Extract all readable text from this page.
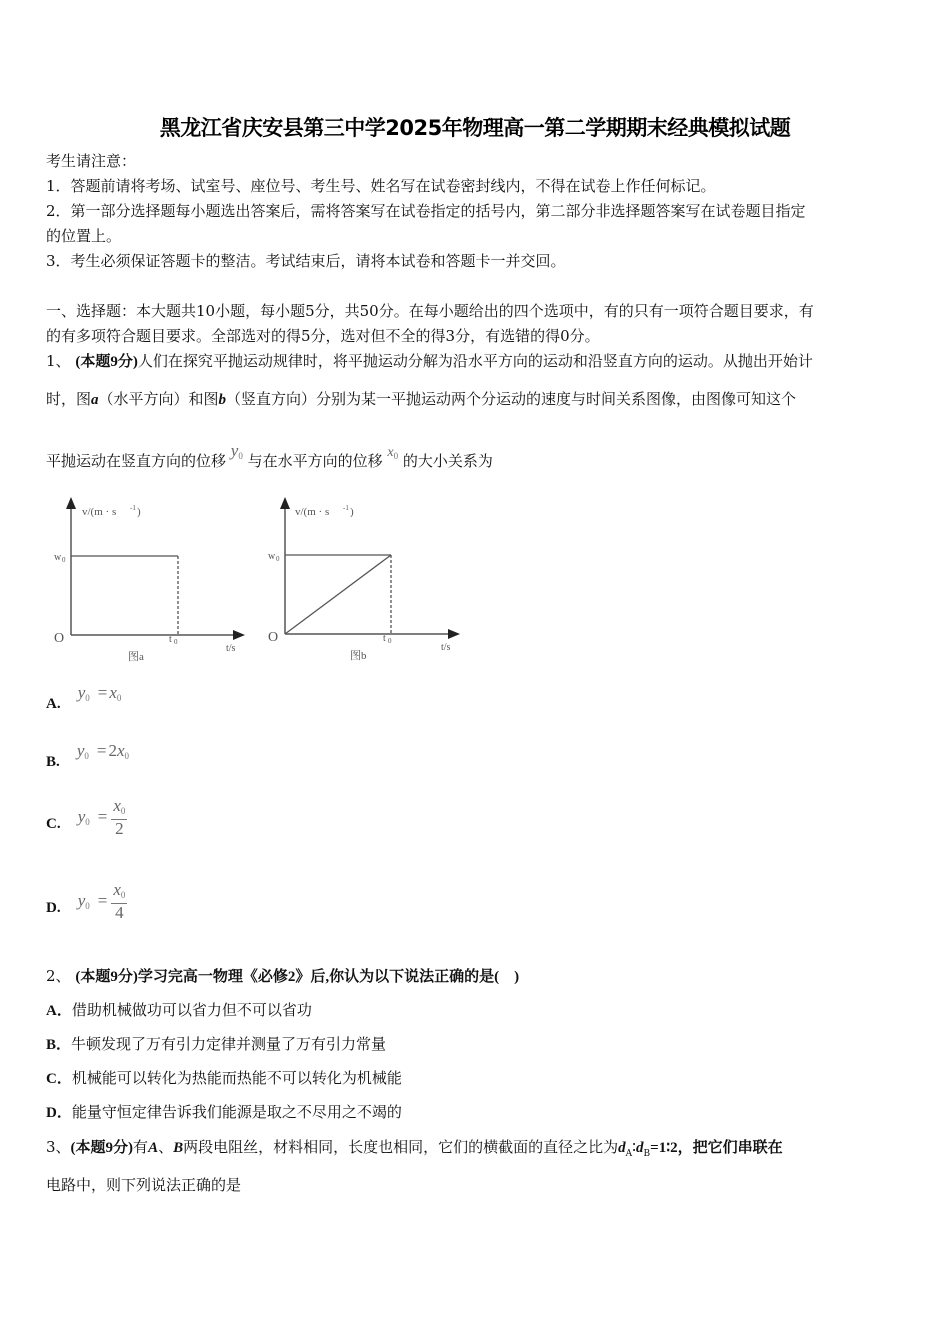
黑龙江省庆安县第三中学2025年物理高一第二学期期末经典模拟试题
考生请注意：
1．答题前请将考场、试室号、座位号、考生号、姓名写在试卷密封线内，不得在试卷上作任何标记。
2．第一部分选择题每小题选出答案后，需将答案写在试卷指定的括号内，第二部分非选择题答案写在试卷题目指定
的位置上。
3．考生必须保证答题卡的整洁。考试结束后，请将本试卷和答题卡一并交回。
一、选择题：本大题共10小题，每小题5分，共50分。在每小题给出的四个选项中，有的只有一项符合题目要求，有
的有多项符合题目要求。全部选对的得5分，选对但不全的得3分，有选错的得0分。
1、 (本题9分)人们在探究平抛运动规律时，将平抛运动分解为沿水平方向的运动和沿竖直方向的运动。从抛出开始计
时，图a（水平方向）和图b（竖直方向）分别为某一平抛运动两个分运动的速度与时间关系图像，由图像可知这个
平抛运动在竖直方向的位移 $y_0$ 与在水平方向的位移 $x_0$ 的大小关系为
v/(m · s -1 )
w 0
O	t 0
t/s
图a
v/(m · s -1 )
w 0
O	t 0
t/s
图b
A. $y_0 = x_0$
B. $y_0 = 2x_0$
C. $y_0 = \frac{x_0}{2}$
D. $y_0 = \frac{x_0}{4}$
2、 (本题9分)学习完高一物理《必修2》后,你认为以下说法正确的是(　)
A．借助机械做功可以省力但不可以省功
B．牛顿发现了万有引力定律并测量了万有引力常量
C．机械能可以转化为热能而热能不可以转化为机械能
D．能量守恒定律告诉我们能源是取之不尽用之不竭的
3、(本题9分)有A、B两段电阻丝，材料相同，长度也相同，它们的横截面的直径之比为$d_A∶d_B=1∶2$，把它们串联在
电路中，则下列说法正确的是
